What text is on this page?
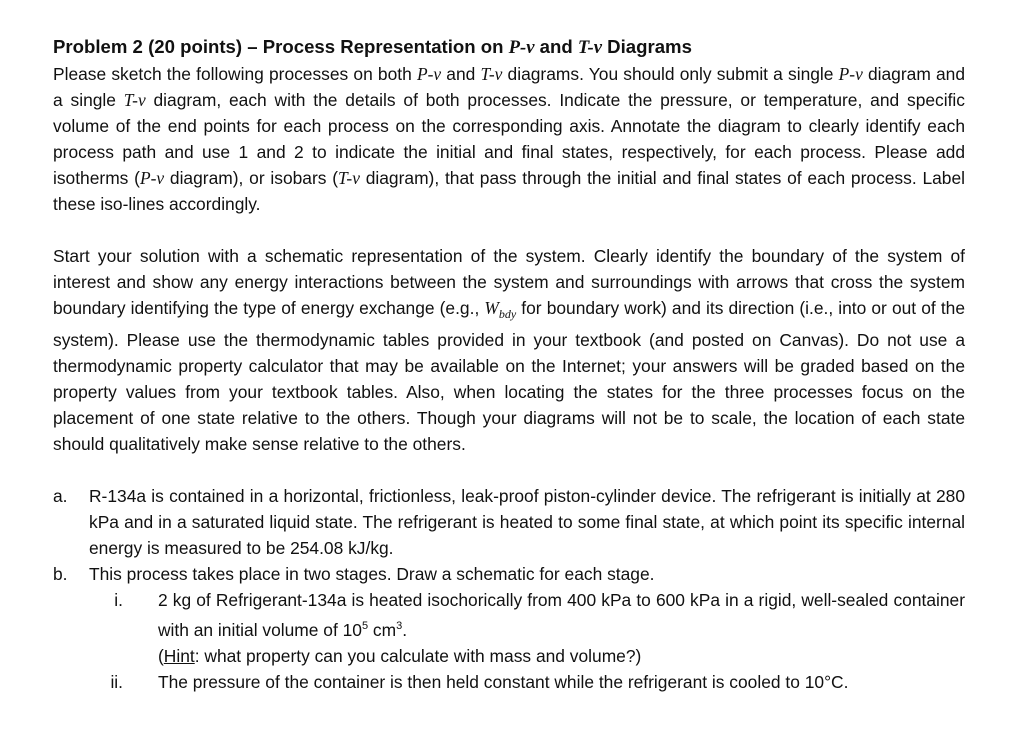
Problem 2 (20 points) – Process Representation on P-v and T-v Diagrams

Please sketch the following processes on both P-v and T-v diagrams. You should only submit a single P-v diagram and a single T-v diagram, each with the details of both processes. Indicate the pressure, or temperature, and specific volume of the end points for each process on the corresponding axis. Annotate the diagram to clearly identify each process path and use 1 and 2 to indicate the initial and final states, respectively, for each process. Please add isotherms (P-v diagram), or isobars (T-v diagram), that pass through the initial and final states of each process. Label these iso-lines accordingly.

Start your solution with a schematic representation of the system. Clearly identify the boundary of the system of interest and show any energy interactions between the system and surroundings with arrows that cross the system boundary identifying the type of energy exchange (e.g., $W_{bdy}$ for boundary work) and its direction (i.e., into or out of the system). Please use the thermodynamic tables provided in your textbook (and posted on Canvas). Do not use a thermodynamic property calculator that may be available on the Internet; your answers will be graded based on the property values from your textbook tables. Also, when locating the states for the three processes focus on the placement of one state relative to the others. Though your diagrams will not be to scale, the location of each state should qualitatively make sense relative to the others.

a.	R-134a is contained in a horizontal, frictionless, leak-proof piston-cylinder device. The refrigerant is initially at 280 kPa and in a saturated liquid state. The refrigerant is heated to some final state, at which point its specific internal energy is measured to be 254.08 kJ/kg.
b.	This process takes place in two stages. Draw a schematic for each stage.
i.	2 kg of Refrigerant-134a is heated isochorically from 400 kPa to 600 kPa in a rigid, well-sealed container with an initial volume of $10^5$ $cm^3$.
(Hint: what property can you calculate with mass and volume?)
ii.	The pressure of the container is then held constant while the refrigerant is cooled to 10°C.
